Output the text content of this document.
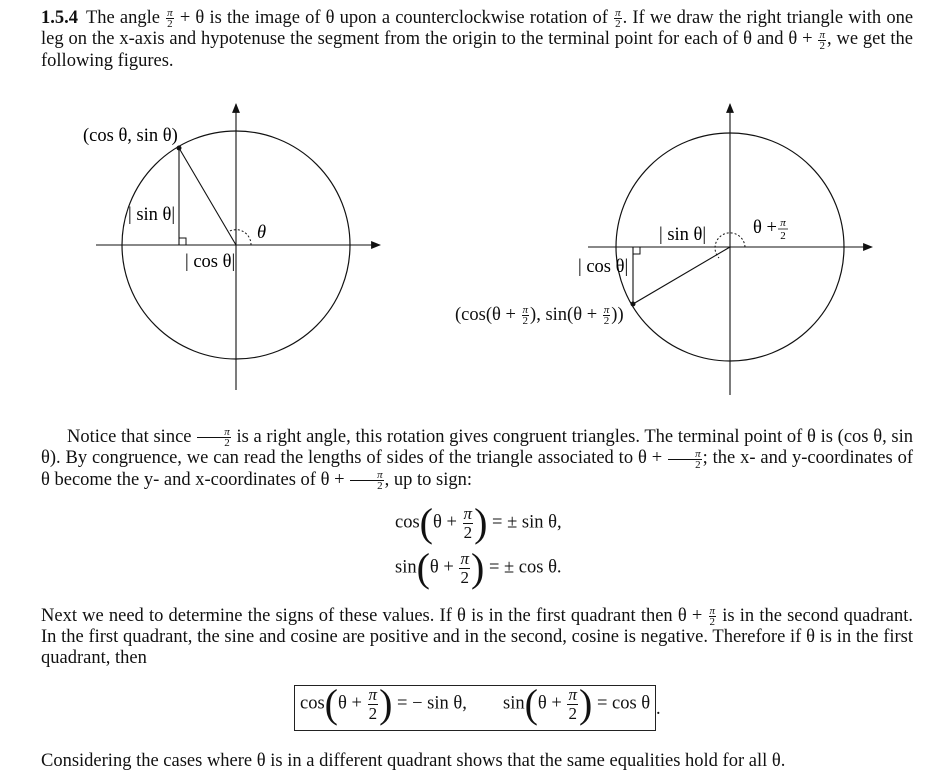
1.5.4 The angle $\frac{\pi}{2} + \theta$ is the image of θ upon a counterclockwise rotation of $\frac{\pi}{2}$ . If we draw the right triangle with one leg on the x-axis and hypotenuse the segment from the origin to the terminal point for each of θ and $\theta + \frac{\pi}{2}$ , we get the following figures.
(cos θ, sin θ)
| sin θ|
| cos θ|
θ	| sin θ|
| cos θ|
θ + π
2
($\cos(\theta + \frac{\pi}{2}$ ), $\sin(\theta + \frac{\pi}{2}$ ))
Notice that since $\frac{\pi}{2}$ is a right angle, this rotation gives congruent triangles. The terminal point of θ is (cos θ, sin θ). By congruence, we can read the lengths of sides of the triangle associated to $\theta + \frac{\pi}{2}$ ; the x- and y-coordinates of θ become the y- and x-coordinates of $\theta + \frac{\pi}{2}$ , up to sign:
$\cos(\theta + \frac{\pi}{2}$ ) = ± sin θ,
$\sin(\theta + \frac{\pi}{2}$ ) = ± cos θ.
Next we need to determine the signs of these values. If θ is in the first quadrant then $\theta + \frac{\pi}{2}$ is in the second quadrant. In the first quadrant, the sine and cosine are positive and in the second, cosine is negative. Therefore if θ is in the first quadrant, then
$\cos(\theta + \frac{\pi}{2}$ ) = − sin θ, $\sin(\theta + \frac{\pi}{2}$ ) = cos θ .
Considering the cases where θ is in a different quadrant shows that the same equalities hold for all θ.
